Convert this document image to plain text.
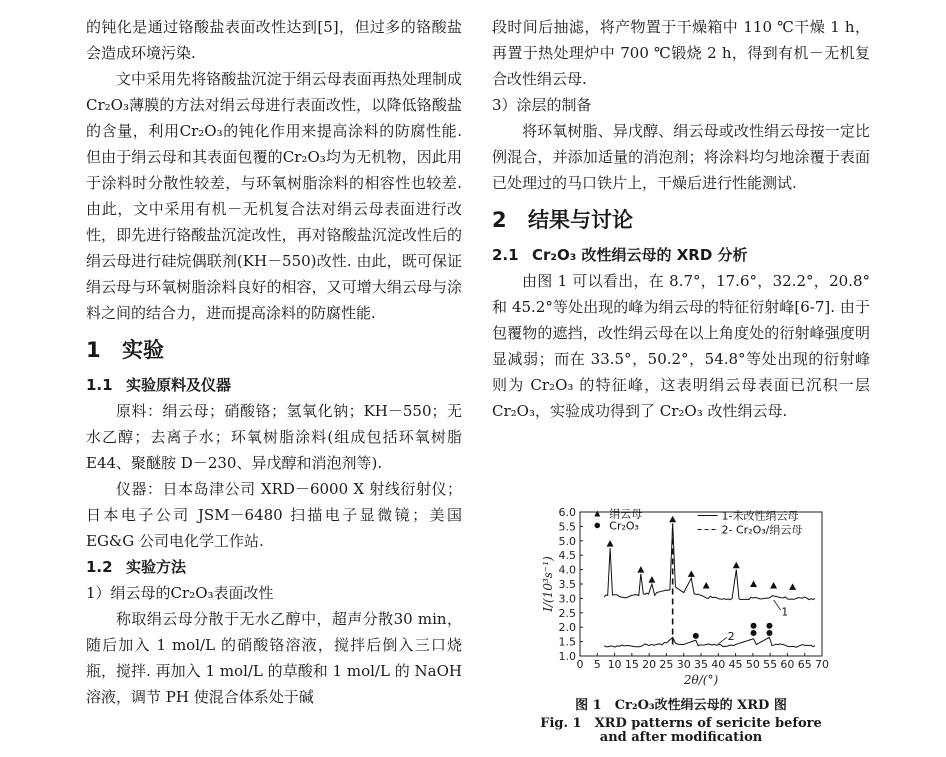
的钝化是通过铬酸盐表面改性达到[5]，但过多的铬酸盐会造成环境污染.

文中采用先将铬酸盐沉淀于绢云母表面再热处理制成Cr₂O₃薄膜的方法对绢云母进行表面改性，以降低铬酸盐的含量，利用Cr₂O₃的钝化作用来提高涂料的防腐性能. 但由于绢云母和其表面包覆的Cr₂O₃均为无机物，因此用于涂料时分散性较差，与环氧树脂涂料的相容性也较差. 由此，文中采用有机－无机复合法对绢云母表面进行改性，即先进行铬酸盐沉淀改性，再对铬酸盐沉淀改性后的绢云母进行硅烷偶联剂(KH－550)改性. 由此，既可保证绢云母与环氧树脂涂料良好的相容，又可增大绢云母与涂料之间的结合力，进而提高涂料的防腐性能.

1 实验
1.1 实验原料及仪器

原料：绢云母；硝酸铬；氢氧化钠；KH－550；无水乙醇；去离子水；环氧树脂涂料(组成包括环氧树脂 E44、聚醚胺 D－230、异戊醇和消泡剂等).

仪器：日本岛津公司 XRD－6000 X 射线衍射仪；日本电子公司 JSM－6480 扫描电子显微镜；美国 EG&G 公司电化学工作站.

1.2 实验方法

1）绢云母的Cr₂O₃表面改性

称取绢云母分散于无水乙醇中，超声分散30 min，随后加入 1 mol/L 的硝酸铬溶液，搅拌后倒入三口烧瓶，搅拌. 再加入 1 mol/L 的草酸和 1 mol/L 的 NaOH 溶液，调节 PH 使混合体系处于碱

段时间后抽滤，将产物置于干燥箱中 110 ℃干燥 1 h，再置于热处理炉中 700 ℃锻烧 2 h，得到有机－无机复合改性绢云母.

3）涂层的制备

将环氧树脂、异戊醇、绢云母或改性绢云母按一定比例混合，并添加适量的消泡剂；将涂料均匀地涂覆于表面已处理过的马口铁片上，干燥后进行性能测试.

2 结果与讨论
2.1 Cr₂O₃ 改性绢云母的 XRD 分析

由图 1 可以看出，在 8.7°，17.6°，32.2°，20.8°和 45.2°等处出现的峰为绢云母的特征衍射峰[6-7]. 由于包覆物的遮挡，改性绢云母在以上角度处的衍射峰强度明显减弱；而在 33.5°，50.2°，54.8°等处出现的衍射峰则为 Cr₂O₃ 的特征峰，这表明绢云母表面已沉积一层 Cr₂O₃，实验成功得到了 Cr₂O₃ 改性绢云母.

0 5 10 15 20 25 30 35 40 45 50 55 60 65 70
1.0
1.5
2.0
2.5
3.0
3.5
4.0
4.5
5.0
5.5
6.0
2θ/(°)
I/(10³s⁻¹)
1
2
绢云母
Cr₂O₃
1-未改性绢云母
2- Cr₂O₃/绢云母
图 1　Cr₂O₃改性绢云母的 XRD 图
Fig. 1　XRD patterns of sericite before
and after modification
